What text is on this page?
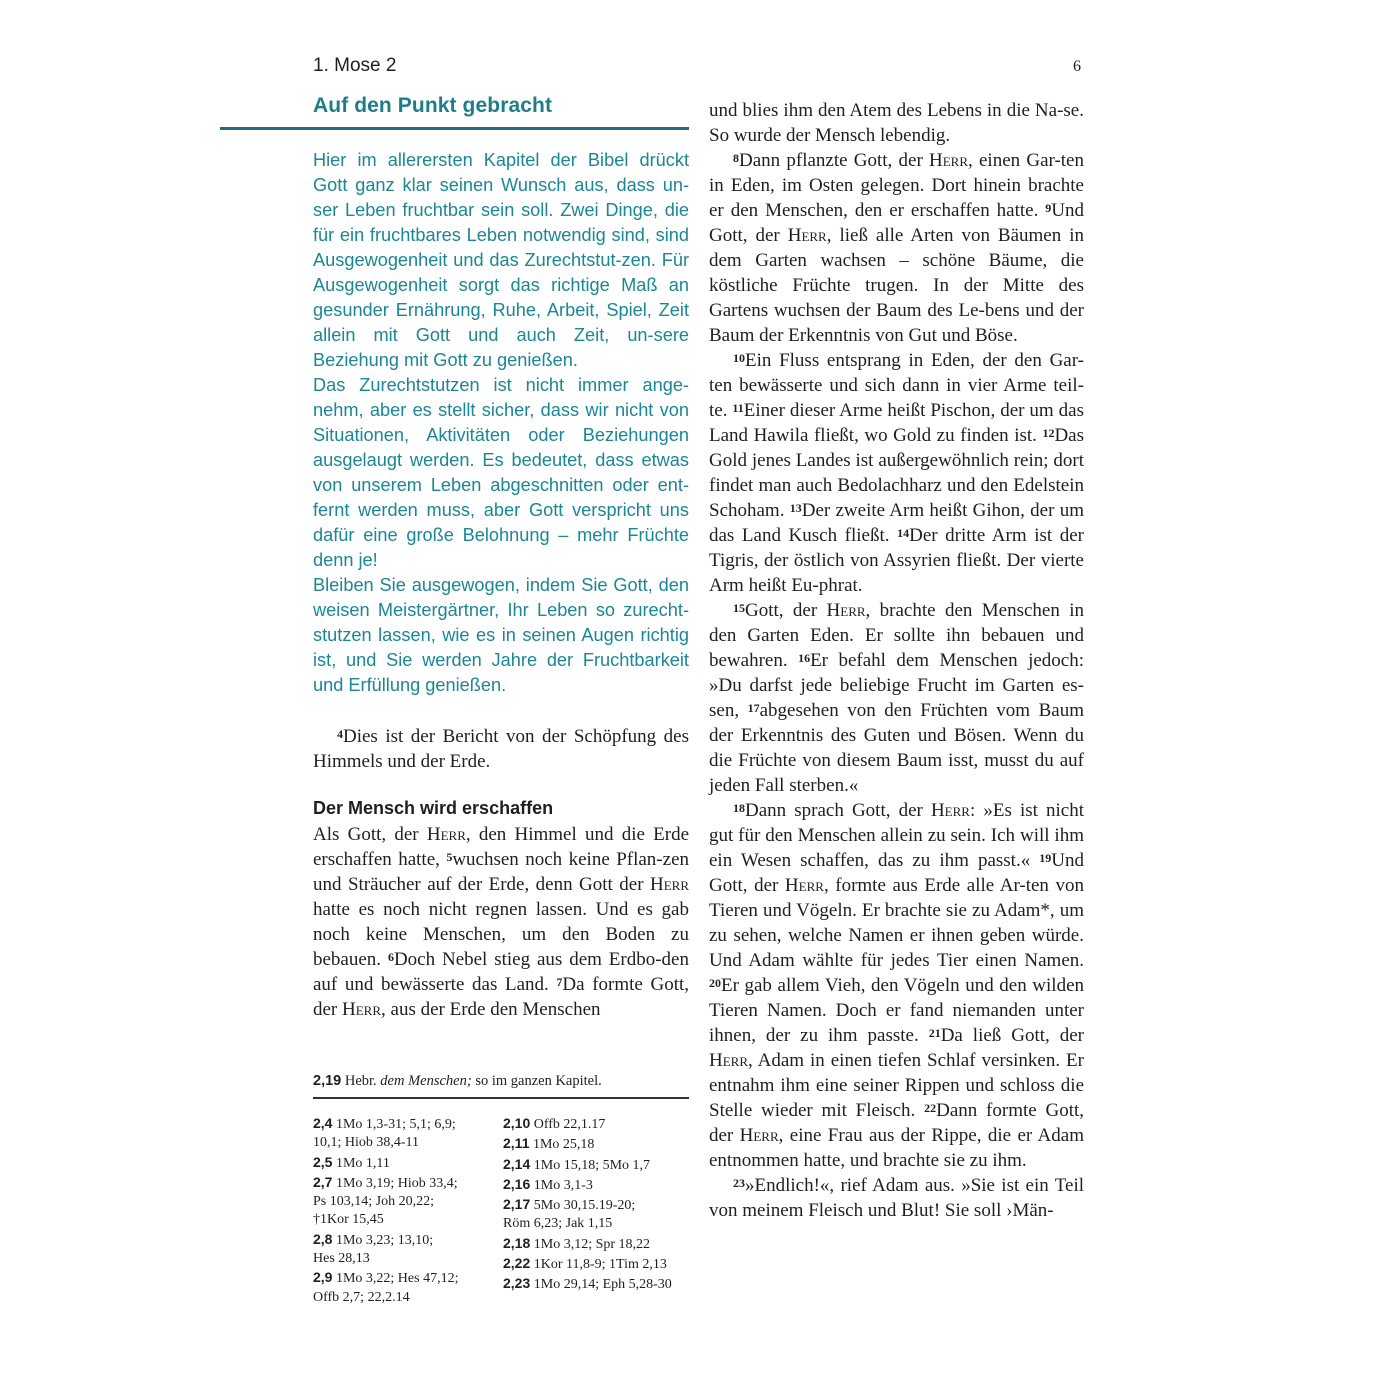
1. Mose 2	6
Auf den Punkt gebracht

Hier im allerersten Kapitel der Bibel drückt Gott ganz klar seinen Wunsch aus, dass un-ser Leben fruchtbar sein soll. Zwei Dinge, die für ein fruchtbares Leben notwendig sind, sind Ausgewogenheit und das Zurechtstut-zen. Für Ausgewogenheit sorgt das richtige Maß an gesunder Ernährung, Ruhe, Arbeit, Spiel, Zeit allein mit Gott und auch Zeit, un-sere Beziehung mit Gott zu genießen.

Das Zurechtstutzen ist nicht immer ange-nehm, aber es stellt sicher, dass wir nicht von Situationen, Aktivitäten oder Beziehungen ausgelaugt werden. Es bedeutet, dass etwas von unserem Leben abgeschnitten oder ent-fernt werden muss, aber Gott verspricht uns dafür eine große Belohnung – mehr Früchte denn je!

Bleiben Sie ausgewogen, indem Sie Gott, den weisen Meistergärtner, Ihr Leben so zurecht-stutzen lassen, wie es in seinen Augen richtig ist, und Sie werden Jahre der Fruchtbarkeit und Erfüllung genießen.

$^4$Dies ist der Bericht von der Schöpfung des Himmels und der Erde.

Der Mensch wird erschaffen

Als Gott, der Herr, den Himmel und die Erde erschaffen hatte, $^5$wuchsen noch keine Pflan-zen und Sträucher auf der Erde, denn Gott der Herr hatte es noch nicht regnen lassen. Und es gab noch keine Menschen, um den Boden zu bebauen. $^6$Doch Nebel stieg aus dem Erdbo-den auf und bewässerte das Land. $^7$Da formte Gott, der Herr, aus der Erde den Menschen

2,19 Hebr. dem Menschen; so im ganzen Kapitel.
2,4 1Mo 1,3-31; 5,1; 6,9;
10,1; Hiob 38,4-11
2,5 1Mo 1,11
2,7 1Mo 3,19; Hiob 33,4;
Ps 103,14; Joh 20,22;
†1Kor 15,45
2,8 1Mo 3,23; 13,10;
Hes 28,13
2,9 1Mo 3,22; Hes 47,12;
Offb 2,7; 22,2.14
2,10 Offb 22,1.17
2,11 1Mo 25,18
2,14 1Mo 15,18; 5Mo 1,7
2,16 1Mo 3,1-3
2,17 5Mo 30,15.19-20;
Röm 6,23; Jak 1,15
2,18 1Mo 3,12; Spr 18,22
2,22 1Kor 11,8-9; 1Tim 2,13
2,23 1Mo 29,14; Eph 5,28-30

und blies ihm den Atem des Lebens in die Na-se. So wurde der Mensch lebendig.

$^8$Dann pflanzte Gott, der Herr, einen Gar-ten in Eden, im Osten gelegen. Dort hinein brachte er den Menschen, den er erschaffen hatte. $^9$Und Gott, der Herr, ließ alle Arten von Bäumen in dem Garten wachsen – schöne Bäume, die köstliche Früchte trugen. In der Mitte des Gartens wuchsen der Baum des Le-bens und der Baum der Erkenntnis von Gut und Böse.

$^{10}$Ein Fluss entsprang in Eden, der den Gar-ten bewässerte und sich dann in vier Arme teil-te. $^{11}$Einer dieser Arme heißt Pischon, der um das Land Hawila fließt, wo Gold zu finden ist. $^{12}$Das Gold jenes Landes ist außergewöhnlich rein; dort findet man auch Bedolachharz und den Edelstein Schoham. $^{13}$Der zweite Arm heißt Gihon, der um das Land Kusch fließt. $^{14}$Der dritte Arm ist der Tigris, der östlich von Assyrien fließt. Der vierte Arm heißt Eu-phrat.

$^{15}$Gott, der Herr, brachte den Menschen in den Garten Eden. Er sollte ihn bebauen und bewahren. $^{16}$Er befahl dem Menschen jedoch: »Du darfst jede beliebige Frucht im Garten es-sen, $^{17}$abgesehen von den Früchten vom Baum der Erkenntnis des Guten und Bösen. Wenn du die Früchte von diesem Baum isst, musst du auf jeden Fall sterben.«

$^{18}$Dann sprach Gott, der Herr: »Es ist nicht gut für den Menschen allein zu sein. Ich will ihm ein Wesen schaffen, das zu ihm passt.« $^{19}$Und Gott, der Herr, formte aus Erde alle Ar-ten von Tieren und Vögeln. Er brachte sie zu Adam*, um zu sehen, welche Namen er ihnen geben würde. Und Adam wählte für jedes Tier einen Namen. $^{20}$Er gab allem Vieh, den Vögeln und den wilden Tieren Namen. Doch er fand niemanden unter ihnen, der zu ihm passte. $^{21}$Da ließ Gott, der Herr, Adam in einen tiefen Schlaf versinken. Er entnahm ihm eine seiner Rippen und schloss die Stelle wieder mit Fleisch. $^{22}$Dann formte Gott, der Herr, eine Frau aus der Rippe, die er Adam entnommen hatte, und brachte sie zu ihm.

$^{23}$»Endlich!«, rief Adam aus. »Sie ist ein Teil von meinem Fleisch und Blut! Sie soll ›Män-
